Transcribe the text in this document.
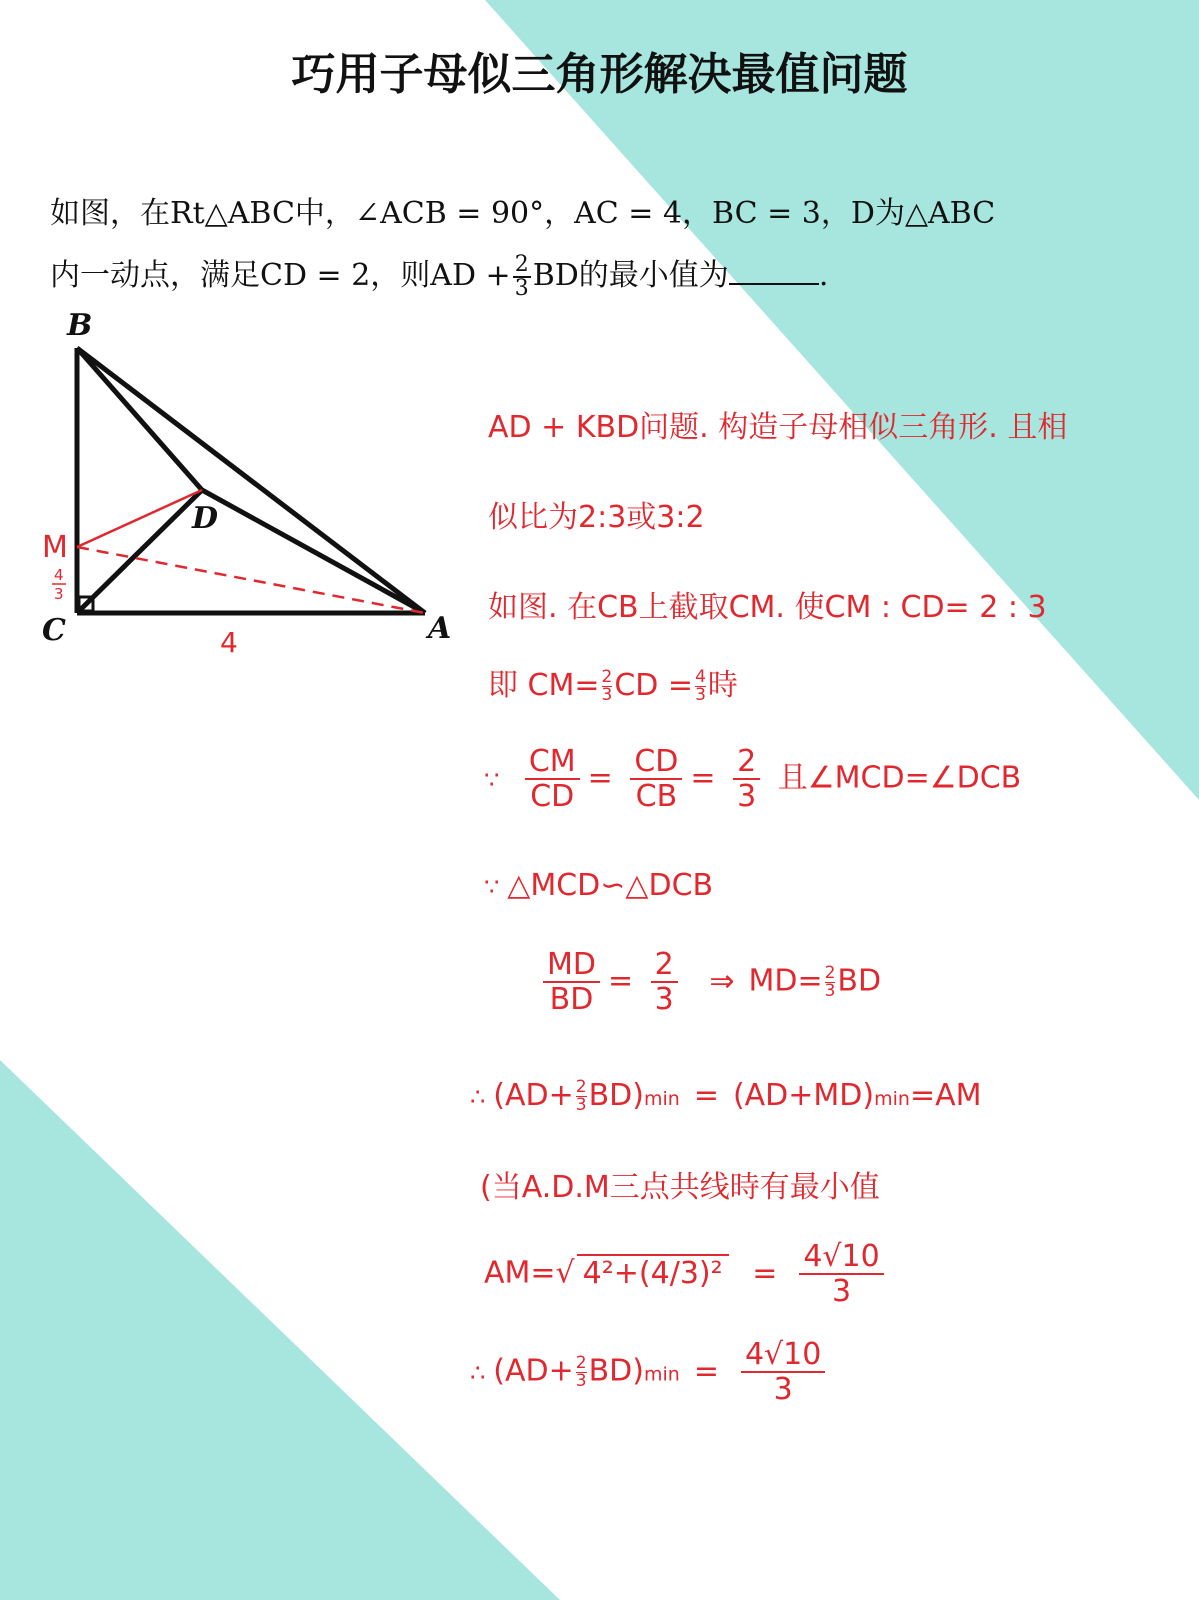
巧用子母似三角形解决最值问题
如图，在Rt△ABC中，∠ACB = 90°，AC = 4，BC = 3，D为△ABC
内一动点，满足CD = 2，则AD + $\frac{2}{3}$ BD的最小值为	.
B
C	A
D
M
4
3
4
AD + KBD问题. 构造子母相似三角形. 且相
似比为2:3或3:2
如图. 在CB上截取CM. 使CM : CD= 2 : 3
即 $CM= \frac{2}{3}$ CD = $\frac{4}{3}$ 時
∵ $\frac{CM}{CD} = \frac{CD}{CB} = \frac{2}{3}$ 且∠MCD=∠DCB
∵ △MCD∽△DCB
$\frac{MD}{BD} = \frac{2}{3}$ ⇒ $MD= \frac{2}{3}$ BD
∴ $(AD+ \frac{2}{3} BD)\min = (AD+MD)\min=AM$
(当A.D.M三点共线時有最小值
AM=√ $4^2+(4/3)^2 = \frac{4√10}{3}$
∴ $(AD+ \frac{2}{3} BD)\min = \frac{4√10}{3}$
